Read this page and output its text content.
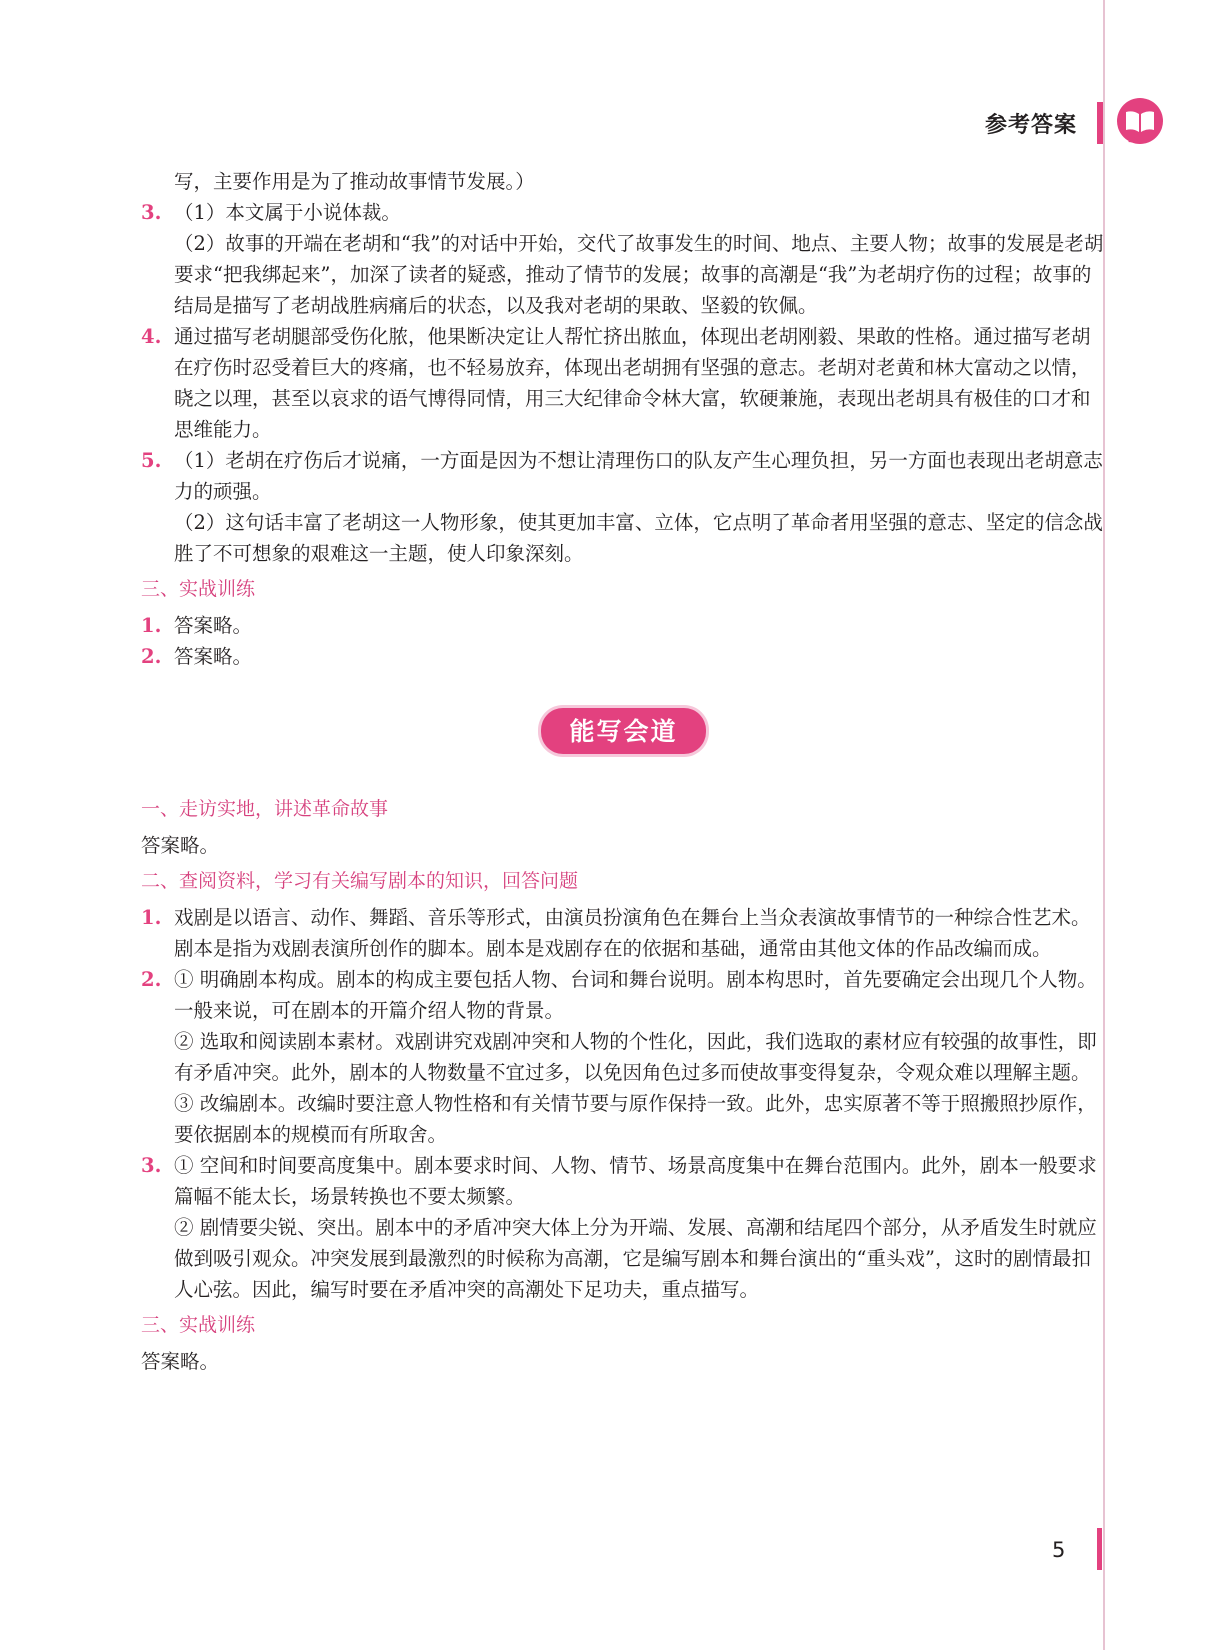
参考答案

写，主要作用是为了推动故事情节发展。）

3. （1）本文属于小说体裁。

（2）故事的开端在老胡和“我”的对话中开始，交代了故事发生的时间、地点、主要人物；故事的发展是老胡要求“把我绑起来”，加深了读者的疑惑，推动了情节的发展；故事的高潮是“我”为老胡疗伤的过程；故事的结局是描写了老胡战胜病痛后的状态，以及我对老胡的果敢、坚毅的钦佩。

4. 通过描写老胡腿部受伤化脓，他果断决定让人帮忙挤出脓血，体现出老胡刚毅、果敢的性格。通过描写老胡在疗伤时忍受着巨大的疼痛，也不轻易放弃，体现出老胡拥有坚强的意志。老胡对老黄和林大富动之以情，晓之以理，甚至以哀求的语气博得同情，用三大纪律命令林大富，软硬兼施，表现出老胡具有极佳的口才和思维能力。

5. （1）老胡在疗伤后才说痛，一方面是因为不想让清理伤口的队友产生心理负担，另一方面也表现出老胡意志力的顽强。

（2）这句话丰富了老胡这一人物形象，使其更加丰富、立体，它点明了革命者用坚强的意志、坚定的信念战胜了不可想象的艰难这一主题，使人印象深刻。

三、实战训练
1. 答案略。

2. 答案略。

能写会道
一、走访实地，讲述革命故事

答案略。

二、查阅资料，学习有关编写剧本的知识，回答问题
1. 戏剧是以语言、动作、舞蹈、音乐等形式，由演员扮演角色在舞台上当众表演故事情节的一种综合性艺术。剧本是指为戏剧表演所创作的脚本。剧本是戏剧存在的依据和基础，通常由其他文体的作品改编而成。

2. ① 明确剧本构成。剧本的构成主要包括人物、台词和舞台说明。剧本构思时，首先要确定会出现几个人物。一般来说，可在剧本的开篇介绍人物的背景。

② 选取和阅读剧本素材。戏剧讲究戏剧冲突和人物的个性化，因此，我们选取的素材应有较强的故事性，即有矛盾冲突。此外，剧本的人物数量不宜过多，以免因角色过多而使故事变得复杂，令观众难以理解主题。

③ 改编剧本。改编时要注意人物性格和有关情节要与原作保持一致。此外，忠实原著不等于照搬照抄原作，要依据剧本的规模而有所取舍。

3. ① 空间和时间要高度集中。剧本要求时间、人物、情节、场景高度集中在舞台范围内。此外，剧本一般要求篇幅不能太长，场景转换也不要太频繁。

② 剧情要尖锐、突出。剧本中的矛盾冲突大体上分为开端、发展、高潮和结尾四个部分，从矛盾发生时就应做到吸引观众。冲突发展到最激烈的时候称为高潮，它是编写剧本和舞台演出的“重头戏”，这时的剧情最扣人心弦。因此，编写时要在矛盾冲突的高潮处下足功夫，重点描写。

三、实战训练

答案略。

5
